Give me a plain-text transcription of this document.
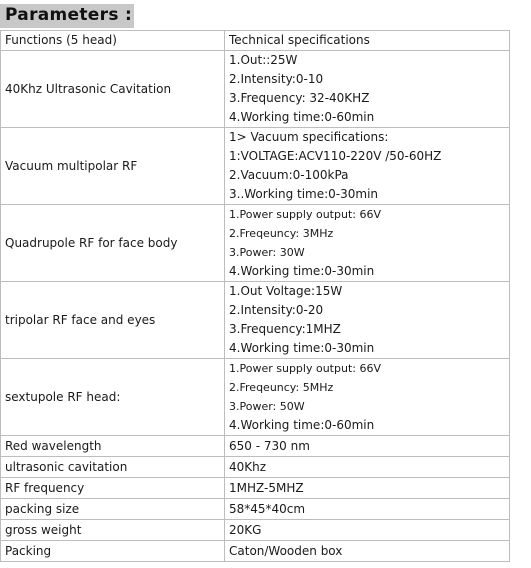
Parameters :
Functions (5 head)	Technical specifications
40Khz Ultrasonic Cavitation	1.Out::25W
2.Intensity:0-10
3.Frequency: 32-40KHZ
4.Working time:0-60min

Vacuum multipolar RF	1> Vacuum specifications:
1:VOLTAGE:ACV110-220V /50-60HZ
2.Vacuum:0-100kPa
3..Working time:0-30min

Quadrupole RF for face body	1.Power supply output: 66V
2.Freqeuncy: 3MHz
3.Power: 30W
4.Working time:0-30min

tripolar RF face and eyes	1.Out Voltage:15W
2.Intensity:0-20
3.Frequency:1MHZ
4.Working time:0-30min

sextupole RF head:	1.Power supply output: 66V
2.Freqeuncy: 5MHz
3.Power: 50W
4.Working time:0-60min

Red wavelength	650 - 730 nm
ultrasonic cavitation	40Khz
RF frequency	1MHZ-5MHZ
packing size	58*45*40cm
gross weight	20KG
Packing	Caton/Wooden box
